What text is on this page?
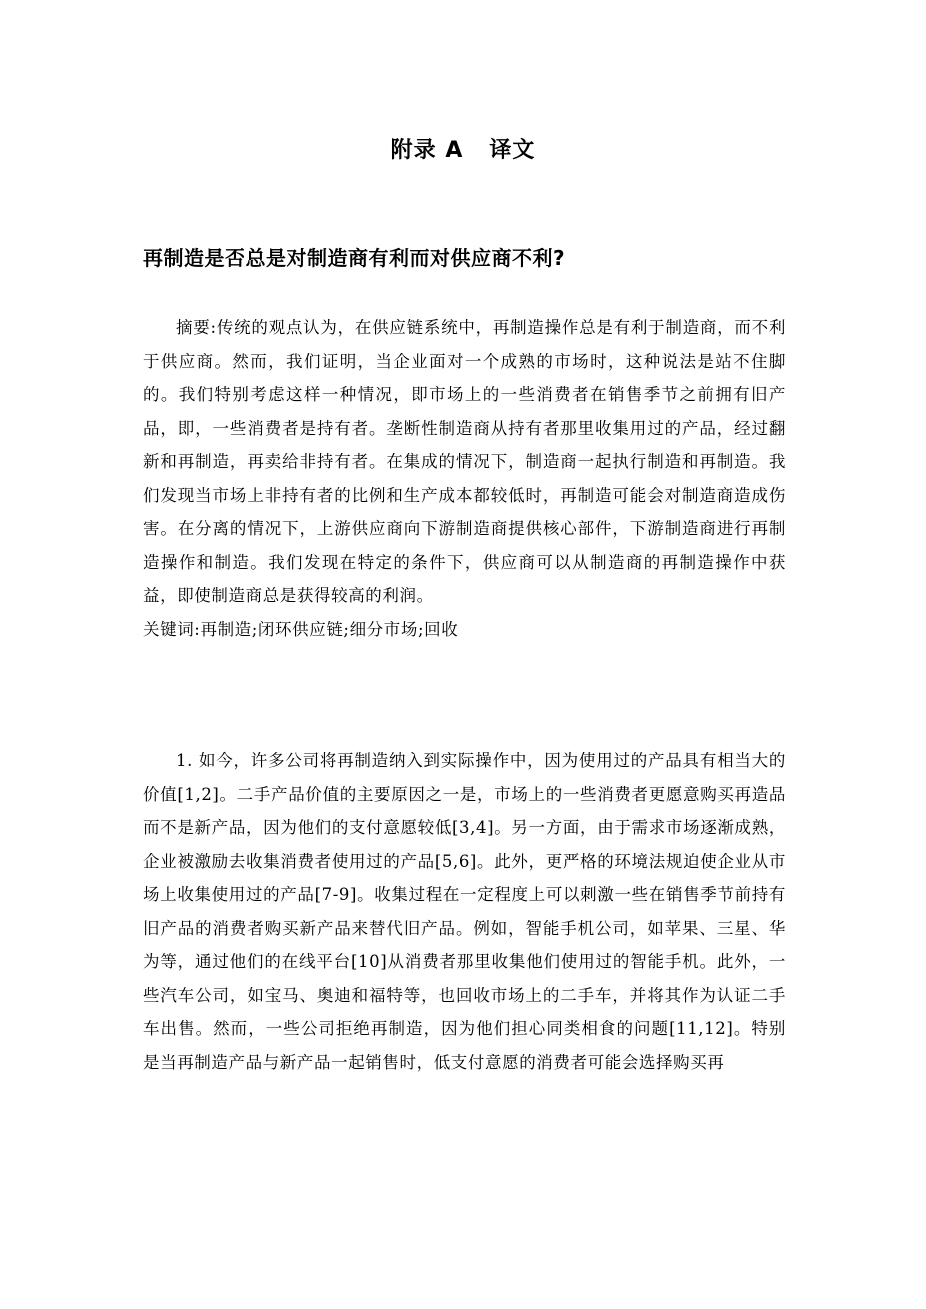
附录 A   译文
再制造是否总是对制造商有利而对供应商不利?
摘要:传统的观点认为，在供应链系统中，再制造操作总是有利于制造商，而不利于供应商。然而，我们证明，当企业面对一个成熟的市场时，这种说法是站不住脚的。我们特别考虑这样一种情况，即市场上的一些消费者在销售季节之前拥有旧产品，即，一些消费者是持有者。垄断性制造商从持有者那里收集用过的产品，经过翻新和再制造，再卖给非持有者。在集成的情况下，制造商一起执行制造和再制造。我们发现当市场上非持有者的比例和生产成本都较低时，再制造可能会对制造商造成伤害。在分离的情况下，上游供应商向下游制造商提供核心部件，下游制造商进行再制造操作和制造。我们发现在特定的条件下，供应商可以从制造商的再制造操作中获益，即使制造商总是获得较高的利润。
关键词:再制造;闭环供应链;细分市场;回收
1. 如今，许多公司将再制造纳入到实际操作中，因为使用过的产品具有相当大的价值[1,2]。二手产品价值的主要原因之一是，市场上的一些消费者更愿意购买再造品而不是新产品，因为他们的支付意愿较低[3,4]。另一方面，由于需求市场逐渐成熟，企业被激励去收集消费者使用过的产品[5,6]。此外，更严格的环境法规迫使企业从市场上收集使用过的产品[7-9]。收集过程在一定程度上可以刺激一些在销售季节前持有旧产品的消费者购买新产品来替代旧产品。例如，智能手机公司，如苹果、三星、华为等，通过他们的在线平台[10]从消费者那里收集他们使用过的智能手机。此外，一些汽车公司，如宝马、奥迪和福特等，也回收市场上的二手车，并将其作为认证二手车出售。然而，一些公司拒绝再制造，因为他们担心同类相食的问题[11,12]。特别是当再制造产品与新产品一起销售时，低支付意愿的消费者可能会选择购买再
